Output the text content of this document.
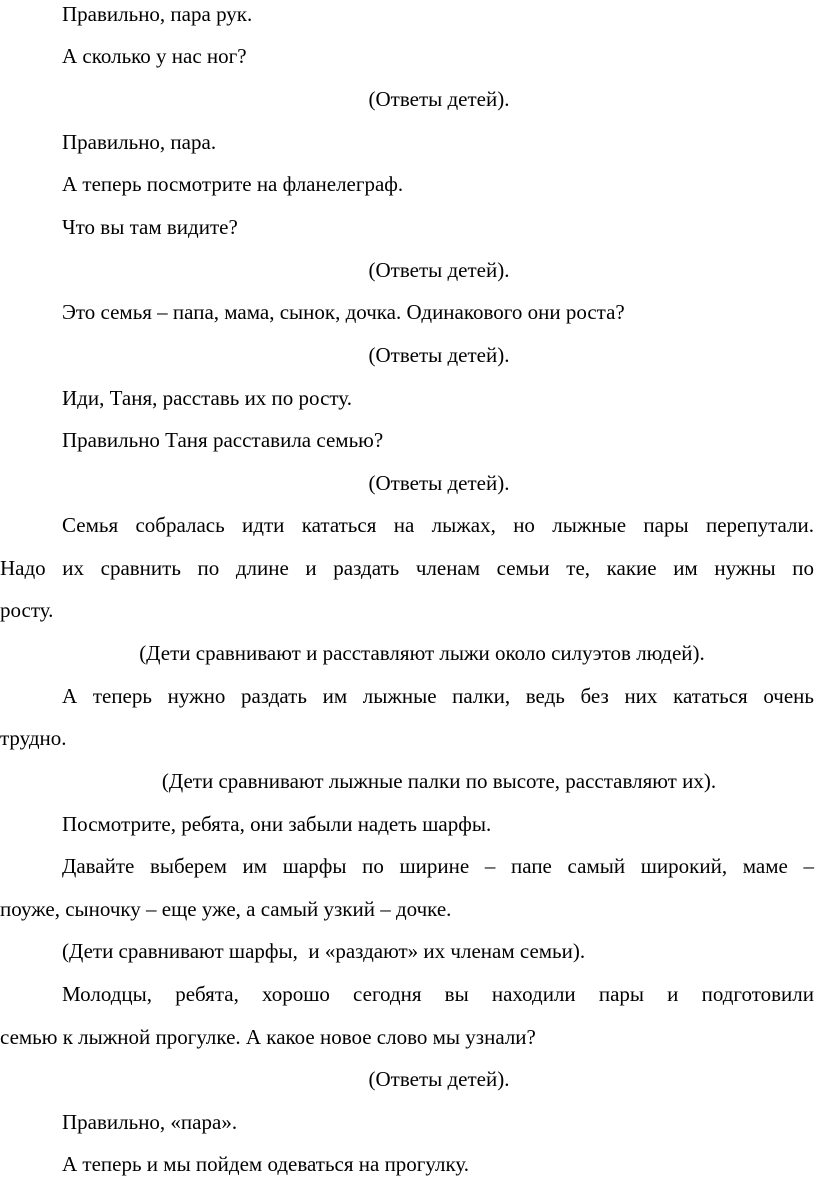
Правильно, пара рук.
А сколько у нас ног?
(Ответы детей).
Правильно, пара.
А теперь посмотрите на фланелеграф.
Что вы там видите?
(Ответы детей).
Это семья – папа, мама, сынок, дочка. Одинакового они роста?
(Ответы детей).
Иди, Таня, расставь их по росту.
Правильно Таня расставила семью?
(Ответы детей).
Семья собралась идти кататься на лыжах, но лыжные пары перепутали.
Надо их сравнить по длине и раздать членам семьи те, какие им нужны по
росту.
(Дети сравнивают и расставляют лыжи около силуэтов людей).
А теперь нужно раздать им лыжные палки, ведь без них кататься очень
трудно.
(Дети сравнивают лыжные палки по высоте, расставляют их).
Посмотрите, ребята, они забыли надеть шарфы.
Давайте выберем им шарфы по ширине – папе самый широкий, маме –
поуже, сыночку – еще уже, а самый узкий – дочке.
(Дети сравнивают шарфы,  и «раздают» их членам семьи).
Молодцы, ребята, хорошо сегодня вы находили пары и подготовили
семью к лыжной прогулке. А какое новое слово мы узнали?
(Ответы детей).
Правильно, «пара».
А теперь и мы пойдем одеваться на прогулку.
